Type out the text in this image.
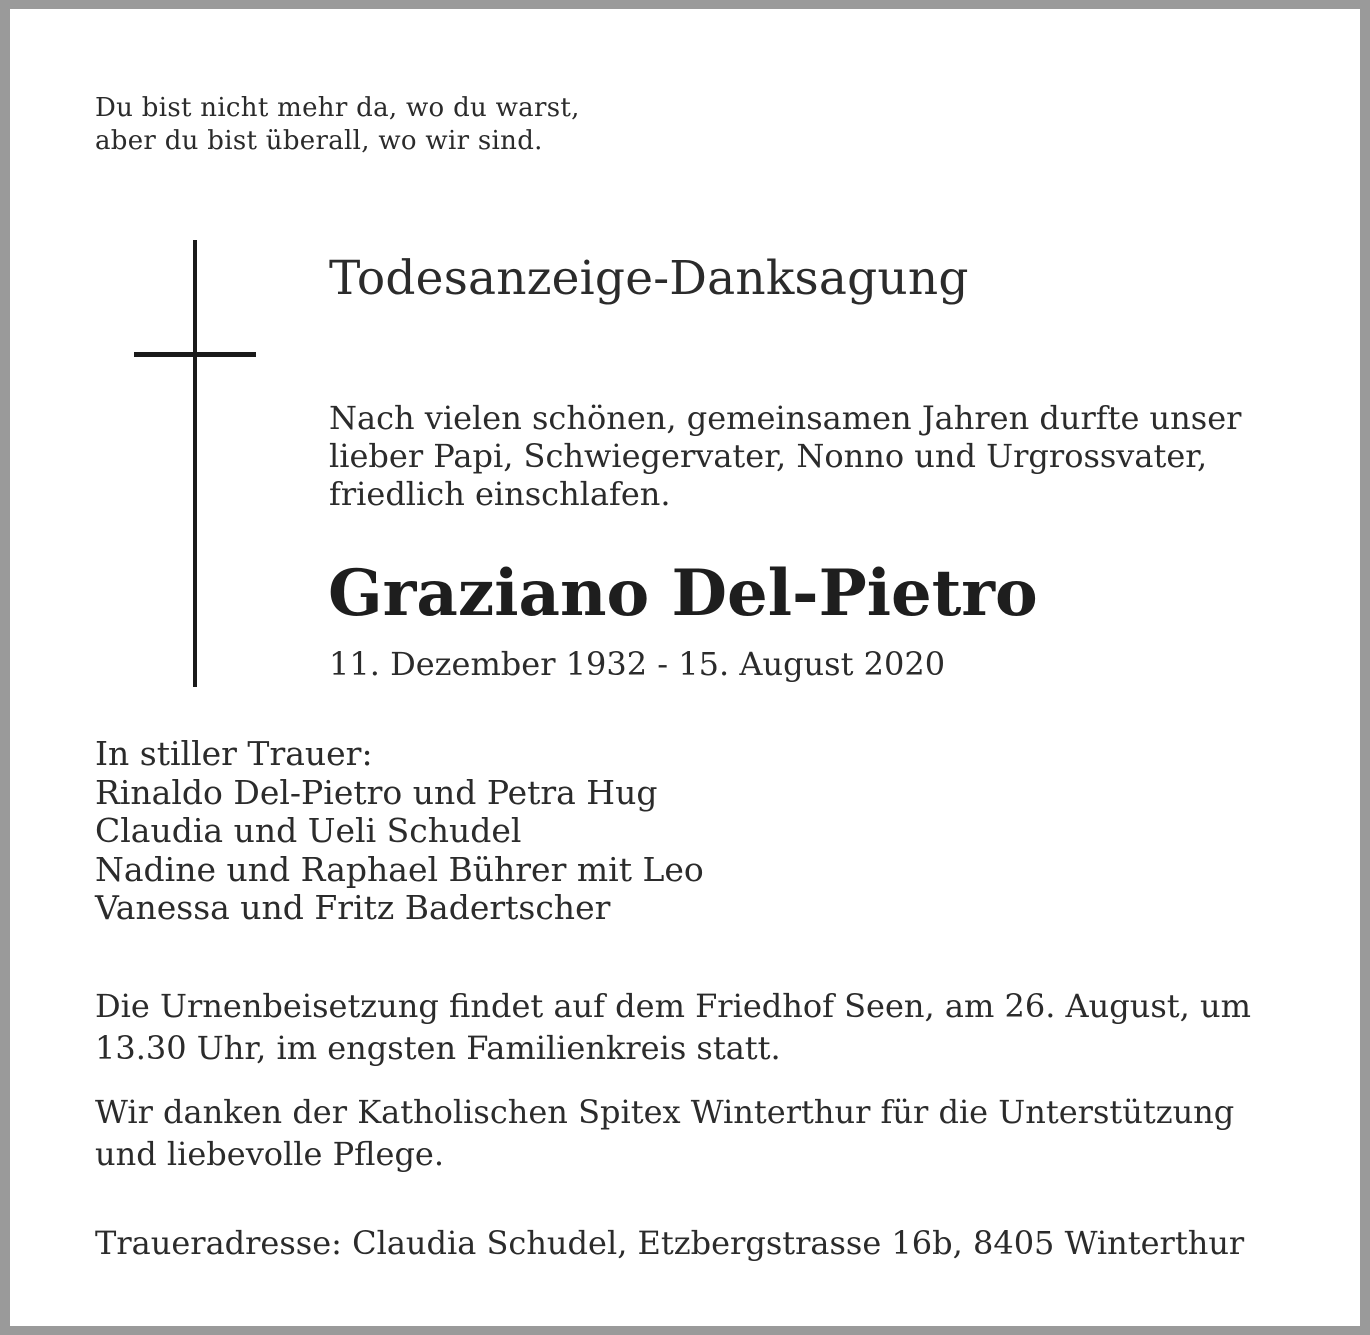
Du bist nicht mehr da, wo du warst,
aber du bist überall, wo wir sind.

Todesanzeige-Danksagung

Nach vielen schönen, gemeinsamen Jahren durfte unser
lieber Papi, Schwiegervater, Nonno und Urgrossvater,
friedlich einschlafen.

Graziano Del-Pietro

11. Dezember 1932 - 15. August 2020

In stiller Trauer:
Rinaldo Del-Pietro und Petra Hug
Claudia und Ueli Schudel
Nadine und Raphael Bührer mit Leo
Vanessa und Fritz Badertscher

Die Urnenbeisetzung findet auf dem Friedhof Seen, am 26. August, um
13.30 Uhr, im engsten Familienkreis statt.

Wir danken der Katholischen Spitex Winterthur für die Unterstützung
und liebevolle Pflege.

Traueradresse: Claudia Schudel, Etzbergstrasse 16b, 8405 Winterthur
